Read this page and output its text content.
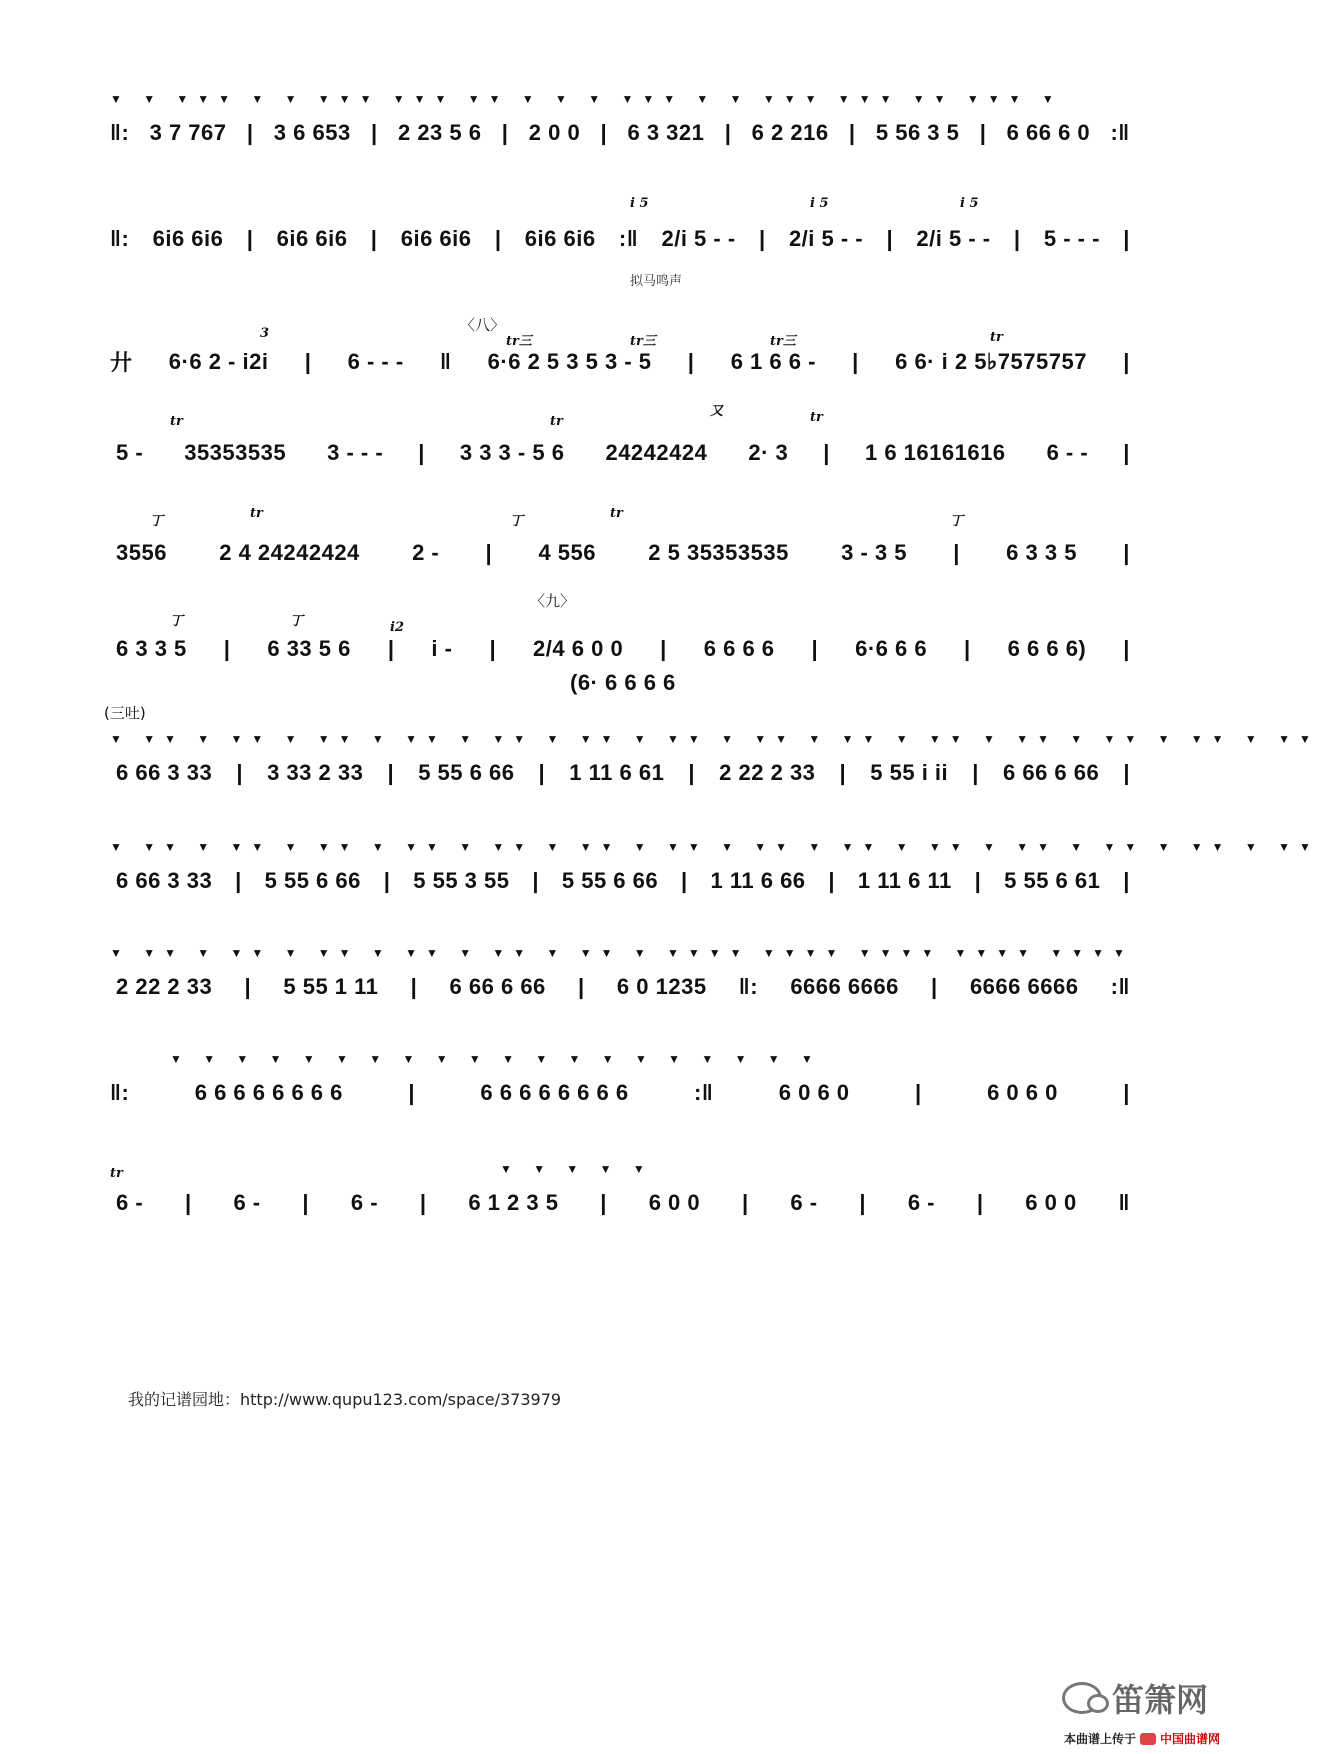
▼ ▼ ▼▼▼ ▼ ▼ ▼▼▼ ▼▼▼ ▼▼ ▼ ▼ ▼ ▼▼▼ ▼ ▼ ▼▼▼ ▼▼▼ ▼▼ ▼▼▼ ▼
‖: 3 7 767 | 3 6 653 | 2 23 5 6 | 2 0 0 | 6 3 321 | 6 2 216 | 5 56 3 5 | 6 66 6 0 :‖
i 5	i 5	i 5
‖: 6i6 6i6 | 6i6 6i6 | 6i6 6i6 | 6i6 6i6 :‖ 2/i 5 - - | 2/i 5 - - | 2/i 5 - - | 5 - - - |
拟马鸣声
〈八〉
3
tr三	tr三	tr三	tr
廾 6·6 2 - i2i | 6 - - - ‖ 6·6 2 5 3 5 3 - 5 | 6 1 6 6 - | 6 6· i 2 5♭7575757 |
tr	tr	tr
又
5 - 35353535 3 - - - | 3 3 3 - 5 6 24242424 2· 3 | 1 6 16161616 6 - - |
丁
tr
丁
tr
丁
3556 2 4 24242424 2 - | 4 556 2 5 35353535 3 - 3 5 | 6 3 3 5 |
〈九〉
丁	丁	i2
6 3 3 5 | 6 33 5 6 | i - | 2/4 6 0 0 | 6 6 6 6 | 6·6 6 6 | 6 6 6 6) |
(6· 6 6 6 6
(三吐)
▼ ▼▼ ▼ ▼▼ ▼ ▼▼ ▼ ▼▼ ▼ ▼▼ ▼ ▼▼ ▼ ▼▼ ▼ ▼▼ ▼ ▼▼ ▼ ▼▼ ▼ ▼▼ ▼ ▼▼ ▼ ▼▼ ▼ ▼▼
6 66 3 33 | 3 33 2 33 | 5 55 6 66 | 1 11 6 61 | 2 22 2 33 | 5 55 i ii | 6 66 6 66 |
▼ ▼▼ ▼ ▼▼ ▼ ▼▼ ▼ ▼▼ ▼ ▼▼ ▼ ▼▼ ▼ ▼▼ ▼ ▼▼ ▼ ▼▼ ▼ ▼▼ ▼ ▼▼ ▼ ▼▼ ▼ ▼▼ ▼ ▼▼
6 66 3 33 | 5 55 6 66 | 5 55 3 55 | 5 55 6 66 | 1 11 6 66 | 1 11 6 11 | 5 55 6 61 |
▼ ▼▼ ▼ ▼▼ ▼ ▼▼ ▼ ▼▼ ▼ ▼▼ ▼ ▼▼ ▼ ▼▼▼▼ ▼▼▼▼ ▼▼▼▼ ▼▼▼▼ ▼▼▼▼
2 22 2 33 | 5 55 1 11 | 6 66 6 66 | 6 0 1235 ‖: 6666 6666 | 6666 6666 :‖
▼ ▼ ▼ ▼ ▼ ▼ ▼ ▼ ▼ ▼ ▼ ▼ ▼ ▼ ▼ ▼ ▼ ▼ ▼ ▼
‖:	6 6 6 6 6 6 6 6	|	6 6 6 6 6 6 6 6	:‖	6 0 6 0	|	6 0 6 0	|
tr	▼ ▼ ▼ ▼ ▼
6 - | 6 - | 6 - | 6 1 2 3 5 | 6 0 0 | 6 - | 6 - | 6 0 0 ‖
我的记谱园地：http://www.qupu123.com/space/373979
笛箫网
本曲谱上传于 中国曲谱网
